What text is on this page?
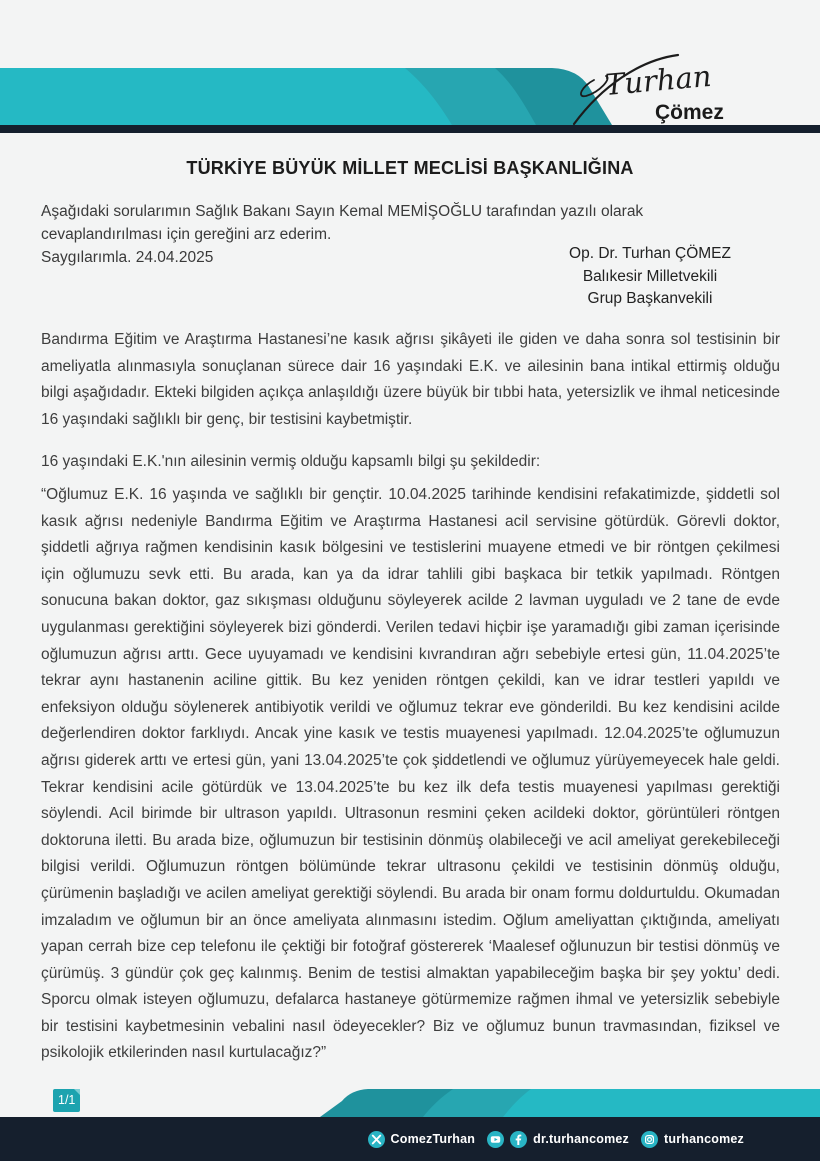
Turhan
Çömez
TÜRKİYE BÜYÜK MİLLET MECLİSİ BAŞKANLIĞINA

Aşağıdaki sorularımın Sağlık Bakanı Sayın Kemal MEMİŞOĞLU tarafından yazılı olarak cevaplandırılması için gereğini arz ederim.

Saygılarımla. 24.04.2025	Op. Dr. Turhan ÇÖMEZ
Balıkesir Milletvekili
Grup Başkanvekili

Bandırma Eğitim ve Araştırma Hastanesi’ne kasık ağrısı şikâyeti ile giden ve daha sonra sol testisinin bir ameliyatla alınmasıyla sonuçlanan sürece dair 16 yaşındaki E.K. ve ailesinin bana intikal ettirmiş olduğu bilgi aşağıdadır. Ekteki bilgiden açıkça anlaşıldığı üzere büyük bir tıbbi hata, yetersizlik ve ihmal neticesinde 16 yaşındaki sağlıklı bir genç, bir testisini kaybetmiştir.

16 yaşındaki E.K.'nın ailesinin vermiş olduğu kapsamlı bilgi şu şekildedir:

“Oğlumuz E.K. 16 yaşında ve sağlıklı bir gençtir. 10.04.2025 tarihinde kendisini refakatimizde, şiddetli sol kasık ağrısı nedeniyle Bandırma Eğitim ve Araştırma Hastanesi acil servisine götürdük. Görevli doktor, şiddetli ağrıya rağmen kendisinin kasık bölgesini ve testislerini muayene etmedi ve bir röntgen çekilmesi için oğlumuzu sevk etti. Bu arada, kan ya da idrar tahlili gibi başkaca bir tetkik yapılmadı. Röntgen sonucuna bakan doktor, gaz sıkışması olduğunu söyleyerek acilde 2 lavman uyguladı ve 2 tane de evde uygulanması gerektiğini söyleyerek bizi gönderdi. Verilen tedavi hiçbir işe yaramadığı gibi zaman içerisinde oğlumuzun ağrısı arttı. Gece uyuyamadı ve kendisini kıvrandıran ağrı sebebiyle ertesi gün, 11.04.2025’te tekrar aynı hastanenin aciline gittik. Bu kez yeniden röntgen çekildi, kan ve idrar testleri yapıldı ve enfeksiyon olduğu söylenerek antibiyotik verildi ve oğlumuz tekrar eve gönderildi. Bu kez kendisini acilde değerlendiren doktor farklıydı. Ancak yine kasık ve testis muayenesi yapılmadı. 12.04.2025’te oğlumuzun ağrısı giderek arttı ve ertesi gün, yani 13.04.2025’te çok şiddetlendi ve oğlumuz yürüyemeyecek hale geldi. Tekrar kendisini acile götürdük ve 13.04.2025’te bu kez ilk defa testis muayenesi yapılması gerektiği söylendi. Acil birimde bir ultrason yapıldı. Ultrasonun resmini çeken acildeki doktor, görüntüleri röntgen doktoruna iletti. Bu arada bize, oğlumuzun bir testisinin dönmüş olabileceği ve acil ameliyat gerekebileceği bilgisi verildi. Oğlumuzun röntgen bölümünde tekrar ultrasonu çekildi ve testisinin dönmüş olduğu, çürümenin başladığı ve acilen ameliyat gerektiği söylendi. Bu arada bir onam formu doldurtuldu. Okumadan imzaladım ve oğlumun bir an önce ameliyata alınmasını istedim. Oğlum ameliyattan çıktığında, ameliyatı yapan cerrah bize cep telefonu ile çektiği bir fotoğraf göstererek ‘Maalesef oğlunuzun bir testisi dönmüş ve çürümüş. 3 gündür çok geç kalınmış. Benim de testisi almaktan yapabileceğim başka bir şey yoktu’ dedi. Sporcu olmak isteyen oğlumuzu, defalarca hastaneye götürmemize rağmen ihmal ve yetersizlik sebebiyle bir testisini kaybetmesinin vebalini nasıl ödeyecekler? Biz ve oğlumuz bunun travmasından, fiziksel ve psikolojik etkilerinden nasıl kurtulacağız?”

1/1
ComezTurhan	dr.turhancomez	turhancomez
